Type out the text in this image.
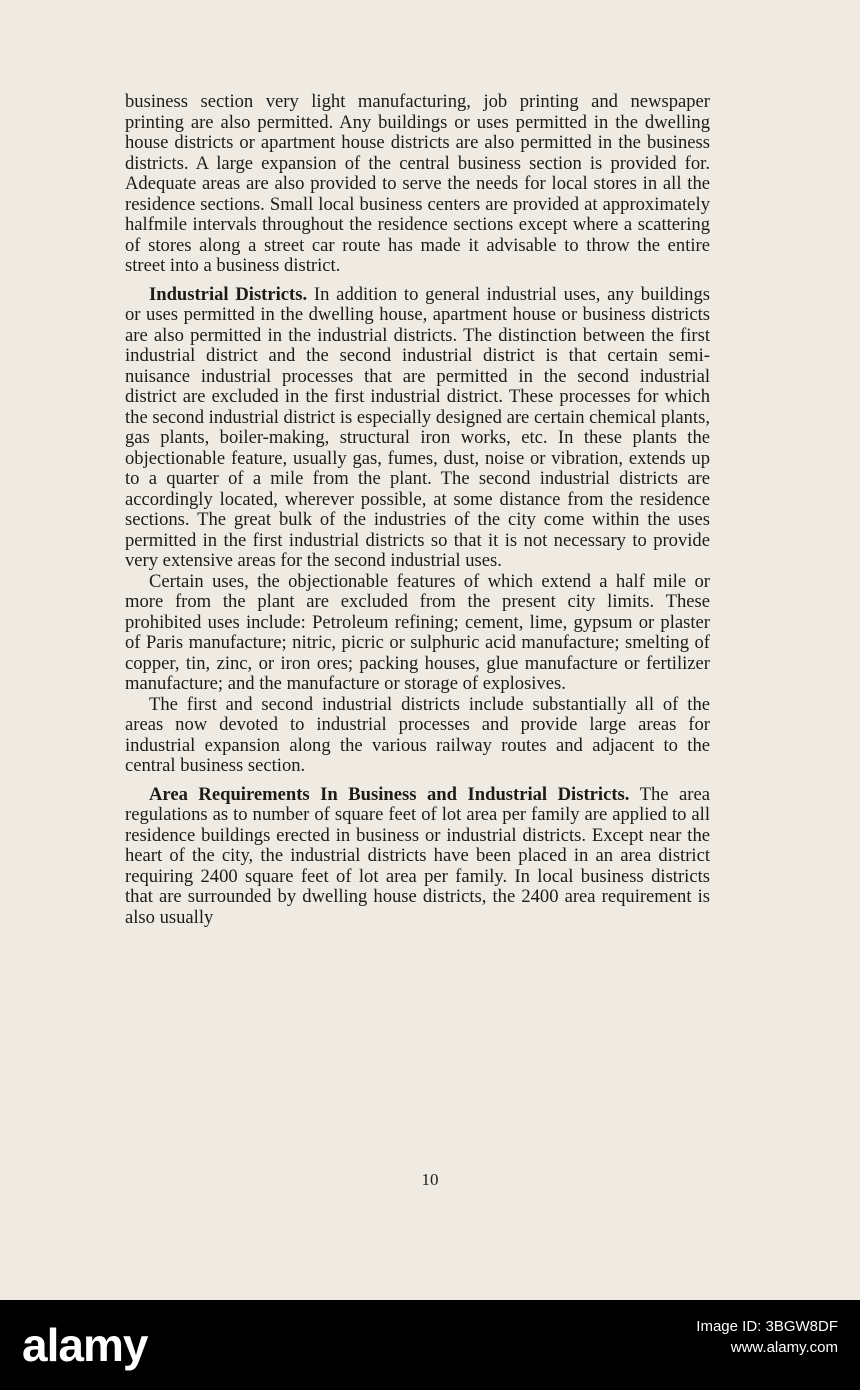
business section very light manufacturing, job printing and newspaper printing are also permitted. Any buildings or uses permitted in the dwelling house districts or apartment house districts are also permitted in the business districts. A large expansion of the central business section is provided for. Adequate areas are also provided to serve the needs for local stores in all the residence sections. Small local business centers are provided at approximately halfmile intervals throughout the residence sections except where a scattering of stores along a street car route has made it advisable to throw the entire street into a business district.

Industrial Districts. In addition to general industrial uses, any buildings or uses permitted in the dwelling house, apartment house or business districts are also permitted in the industrial districts. The distinction between the first industrial district and the second industrial district is that certain semi-nuisance industrial processes that are permitted in the second industrial district are excluded in the first industrial district. These processes for which the second industrial district is especially designed are certain chemical plants, gas plants, boiler-making, structural iron works, etc. In these plants the objectionable feature, usually gas, fumes, dust, noise or vibration, extends up to a quarter of a mile from the plant. The second industrial districts are accordingly located, wherever possible, at some distance from the residence sections. The great bulk of the industries of the city come within the uses permitted in the first industrial districts so that it is not necessary to provide very extensive areas for the second industrial uses.

Certain uses, the objectionable features of which extend a half mile or more from the plant are excluded from the present city limits. These prohibited uses include: Petroleum refining; cement, lime, gypsum or plaster of Paris manufacture; nitric, picric or sulphuric acid manufacture; smelting of copper, tin, zinc, or iron ores; packing houses, glue manufacture or fertilizer manufacture; and the manufacture or storage of explosives.

The first and second industrial districts include substantially all of the areas now devoted to industrial processes and provide large areas for industrial expansion along the various railway routes and adjacent to the central business section.

Area Requirements In Business and Industrial Districts. The area regulations as to number of square feet of lot area per family are applied to all residence buildings erected in business or industrial districts. Except near the heart of the city, the industrial districts have been placed in an area district requiring 2400 square feet of lot area per family. In local business districts that are surrounded by dwelling house districts, the 2400 area requirement is also usually

10
alamy	Image ID: 3BGW8DF
www.alamy.com
